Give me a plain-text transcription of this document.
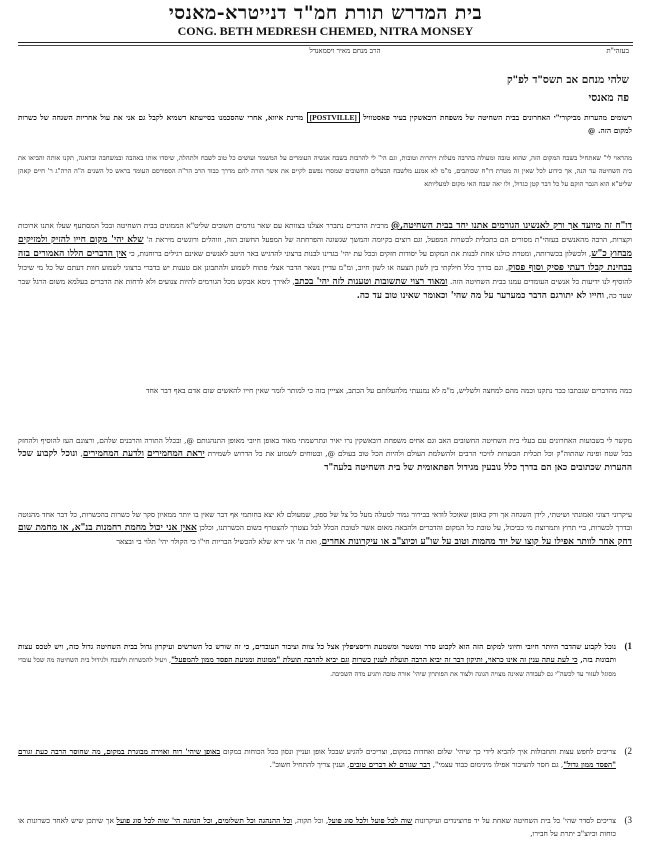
בית המדרש תורת חמ"ד דנייטרא-מאנסי
CONG. BETH MEDRESH CHEMED, NITRA MONSEY
הרב מנחם מאיר ויסמאנדל	בעזהי"ת
שלהי מנחם אב תשס"ד לפ"ק
פה מאנסי
רשומים מהערות מביקורי"י האחרונים בבית השחיטה של משפחת רובאשקין בעיר פאסטוויל [POSTVILLE] מדינת איווא, אחרי שהסכמנו בסייעתא דשמיא לקבל גם אני את עול אחריות השגחה של כשרות למקום הזה. @
מהראוי לי" שאתחיל בשבח המקום הזה, שהוא טובה ומעולה בהרבה מעלות ויתרות וטובות, וגם הי" לי להרבות בשבח אנשיה העומדים על המשמר ועושים כל טוב לשבח ולתהלה, שיסדו אותו באהבה ובמשחבה ובדאגה, תקנו אותה והביאו את בית השחיטה עד הנה, אך כידוע לכל שאין זה מטרת דו"ח שכותבים, מ"מ לא אמנע מלשבח הבעלים החשובים שמסרו נפשם לקיים את אשר הורה להם מדרך כבוד הרב הר"ה הספורסם העומד בראש כל השנים ה"ה הרה"ג ר' חיים קאהן שליט"א הוא הגבר הוקם על כל דבר קטן כגדול, ולו יאה שבח האי מקום למעליותא
דו"ח זה מיועד אך ורק לאנשינו הגורמים אתנו יחד בבית השחיטה,@ מרבית הדברים נתברר אצלנו בצוותא עם שאר גורמים חשובים שליט"א הממונים בבית השחיטה ובכל המסתעף שעלו אתנו ארוכות וקצרות, הרבה מהאנשים בעזהי"ת מסורים הם בתכלית לכשרות המפעל, וגם רוצים בקיומה והמשך שגשוגה והפרחתה של המפעל החשוב הזה, וזוהלים ורוגשים מיראת ה' שלא יהי' מקום חייו להזיק ולמזיקים מבחוץ כ"ש, ולכשלון בכשרותה, ומטרת כולנו אחת לבנות את המקום על יסודות חזקים ובכל עת יהי' בגדינו לבנות ברצוני להדגיש באר היטב לאנשים שאינם רגילים ברוחנות, כי אין הדברים הללו האמורים בזה בבחינת קבלו דעתי פסיק וסוף פסוק, וגם בדרך כלל חילקתי בין לשון הצעה או לשון חיוב, ומ"מ עדיין נשאר הדבר אצלי פתוח לשמוע ולהתבונן אם טענות יש בדברי ברצוני לשמוע חוות דעתם של כל מי שיכול להוסיף לנו ידיעות כל אנשים העומדים עמנו בבית השחיטה הזה. ומאוד רצוי שתשובות וטענות לזה יהי' בכתב, לאירך גיסא אבקש מכל הגורמים להיות צנועים ולא לדחות את הדברים בעלמא משום הרגל שבר שעד כה, וחייו לא יתורגם הדבר כמערער על מה שהי' וכאומר שאינו טוב עד כה.
כמה מהדברים שנכתבו כבר נתקנו וכמה מהם למחצה ולשליש, מ"מ לא נמנעתי מלהעלותם על הכתב, אצייין בזה כי למותר לומר שאין חייו להאשים שום אדם באף דבר אחד
מקשר לי בשבועות האחרונים עם בעלי בית השחיטה החשובים האב וגם אחים משפחת רובאשקין נרו יאיר ונתרשמתי מאוד באופן חיובי מאופן התנהגותם @, ובכלל התורה והרבנים שלהם, ורצונם העז להוסיף ולהחזק בכל שטח ופינה שהתוה"ק וכל תכלית הכשרות לזיכוי הרבים ולהשלמת העולם ולהיות הכל טוב בעולם @, ובטוחים לשמוע את כל הדרוש לשמירת יראת המחמירים ולדעת המחמירים, ונוכל לקבוע שכל ההערות שכתובים כאן הם בדרך כלל נובעין מגידול הפתאומית של בית השחיטה בלעה"ד
עיקרוני רצוני ואמונתי ושיטתי, לידן השגחה אך ורק באופן שאוכל לודאי בבירור גמור למעלה מעל כל צל של ספק, שמעולם לא יצא בחותמי אף דבר שאין בו יותר ממאיון סקר של כשרות בהכשרות, כל דבר אחד מהנוטה ובדרך לכשרות, ביי תרוץ ותמרוצת מי כביכול, על טובת כל המקום והדברים ולהבאה מאום אשר לטובת הכלל לבל נצטרך להצטרף בשום הכשרתנו, וכלכן אאין אני יכול מחמת רחמנות בנ"א, או מחמת שום דחק אחר לוותר אפילו על קוצו של יוד מהמות וטוב על שו"ע וכיוצ"ב או עיקרונות אחרים, ואת ה' אני ירא שלא להכשיל הבריות חי"ו כי הקולר יהי' תלוי בי ובצאר
1)
נוכל לקבוע שהדבר היותר חיובי וחיוני למקום הזה הוא לקבוע סדר ומשטר ומשמעת ודיסציפלין אצל כל צוות וציבור העובדים, כי זה שורש כל השרשים ועיקרון גדול בבית השחיטה גדול כזה, ויש לטכס עצות ותבונות בזה, כי לעת עתה ענין זה אינו כראוי, ותיקון דבר זה יביא הרבה תועלת לענין כשרות וגם יביא להרבה תועלת "ממונות ומניעת הפסד ממון להמפעל", ויעיל להכשרות ולשבח ולגידול בית השחיטה מה שכל עובדי מסוגל לעזור עד לכשה"י גם לעבודה שאינה מצויה הגונה ולצוד את הפותרון שיהי' אורה טובה ותגיע מדה השכיבה.
2)
צריכים לחפש עצות ותחבולות איך להביא לידי כך שיהי' שלום ואחדות במקום, וצריכים להגיע שבכל אופן ועניין ונסון בכל הכוחות במקום באופן שיהי' רוח ואוירה מבוגרת במקום, מה שחוסר הרבה כעת וגורם "הפסד ממון גדול", גם חסר להציבור אפילו מינימום כבוד עצמי", דבר שגורם לא דברים טובים, וענין צריך להתחיל חשוב".
3)
צריכים לסדר שהי' כל בית השחיטה שאחת על יד פרוצינדים ועיקרונות שוה לכל פועל ולכל סוג פועל, וכל תקוה, וכל ההנהגה וכל תשלומים, וכל הנהגה הי' שוה לכל סוג פועל אך שיתכן שיש לאחד כשרונות או כוחות וכיוצ"ב יתרת על חבירו,
